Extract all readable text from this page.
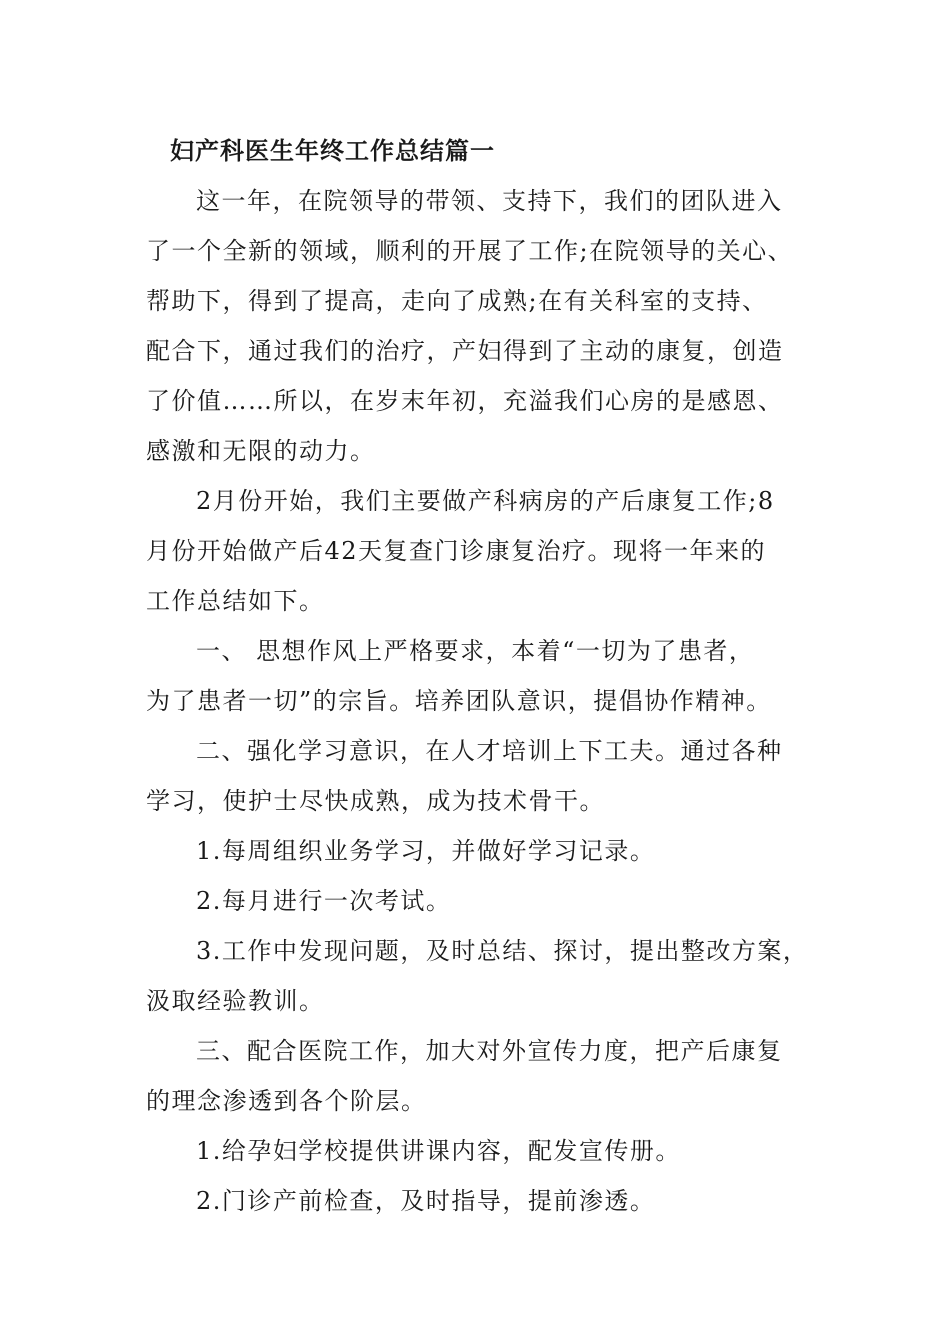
妇产科医生年终工作总结篇一
这一年，在院领导的带领、支持下，我们的团队进入
了一个全新的领域，顺利的开展了工作;在院领导的关心、
帮助下，得到了提高，走向了成熟;在有关科室的支持、
配合下，通过我们的治疗，产妇得到了主动的康复，创造
了价值……所以，在岁末年初，充溢我们心房的是感恩、
感激和无限的动力。
2月份开始，我们主要做产科病房的产后康复工作;8
月份开始做产后42天复查门诊康复治疗。现将一年来的
工作总结如下。
一、 思想作风上严格要求，本着“一切为了患者，
为了患者一切”的宗旨。培养团队意识，提倡协作精神。
二、强化学习意识，在人才培训上下工夫。通过各种
学习，使护士尽快成熟，成为技术骨干。
1.每周组织业务学习，并做好学习记录。
2.每月进行一次考试。
3.工作中发现问题，及时总结、探讨，提出整改方案，
汲取经验教训。
三、配合医院工作，加大对外宣传力度，把产后康复
的理念渗透到各个阶层。
1.给孕妇学校提供讲课内容，配发宣传册。
2.门诊产前检查，及时指导，提前渗透。
